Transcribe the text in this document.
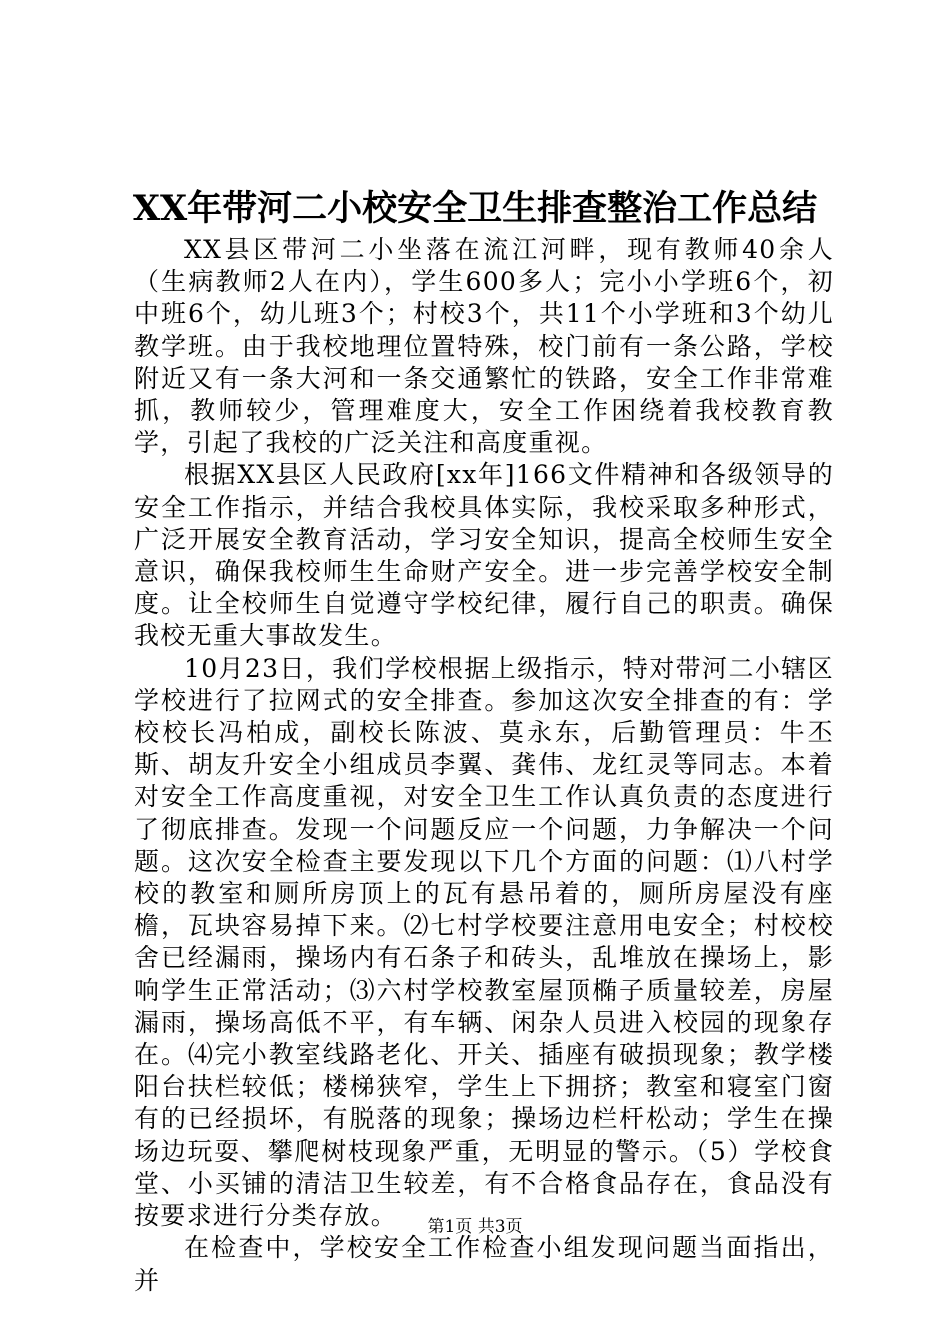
XX年带河二小校安全卫生排查整治工作总结

XX县区带河二小坐落在流江河畔，现有教师40余人（生病教师2人在内），学生600多人；完小小学班6个，初中班6个，幼儿班3个；村校3个，共11个小学班和3个幼儿教学班。由于我校地理位置特殊，校门前有一条公路，学校附近又有一条大河和一条交通繁忙的铁路，安全工作非常难抓，教师较少，管理难度大，安全工作困绕着我校教育教学，引起了我校的广泛关注和高度重视。

根据XX县区人民政府[xx年]166文件精神和各级领导的安全工作指示，并结合我校具体实际，我校采取多种形式，广泛开展安全教育活动，学习安全知识，提高全校师生安全意识，确保我校师生生命财产安全。进一步完善学校安全制度。让全校师生自觉遵守学校纪律，履行自己的职责。确保我校无重大事故发生。

10月23日，我们学校根据上级指示，特对带河二小辖区学校进行了拉网式的安全排查。参加这次安全排查的有：学校校长冯柏成，副校长陈波、莫永东，后勤管理员：牛丕斯、胡友升安全小组成员李翼、龚伟、龙红灵等同志。本着对安全工作高度重视，对安全卫生工作认真负责的态度进行了彻底排查。发现一个问题反应一个问题，力争解决一个问题。这次安全检查主要发现以下几个方面的问题：⑴八村学校的教室和厕所房顶上的瓦有悬吊着的，厕所房屋没有座檐，瓦块容易掉下来。⑵七村学校要注意用电安全；村校校舍已经漏雨，操场内有石条子和砖头，乱堆放在操场上，影响学生正常活动；⑶六村学校教室屋顶椭子质量较差，房屋漏雨，操场高低不平，有车辆、闲杂人员进入校园的现象存在。⑷完小教室线路老化、开关、插座有破损现象；教学楼阳台扶栏较低；楼梯狭窄，学生上下拥挤；教室和寝室门窗有的已经损坏，有脱落的现象；操场边栏杆松动；学生在操场边玩耍、攀爬树枝现象严重，无明显的警示。（5）学校食堂、小买铺的清洁卫生较差，有不合格食品存在，食品没有按要求进行分类存放。

在检查中，学校安全工作检查小组发现问题当面指出，并

第1页 共3页
